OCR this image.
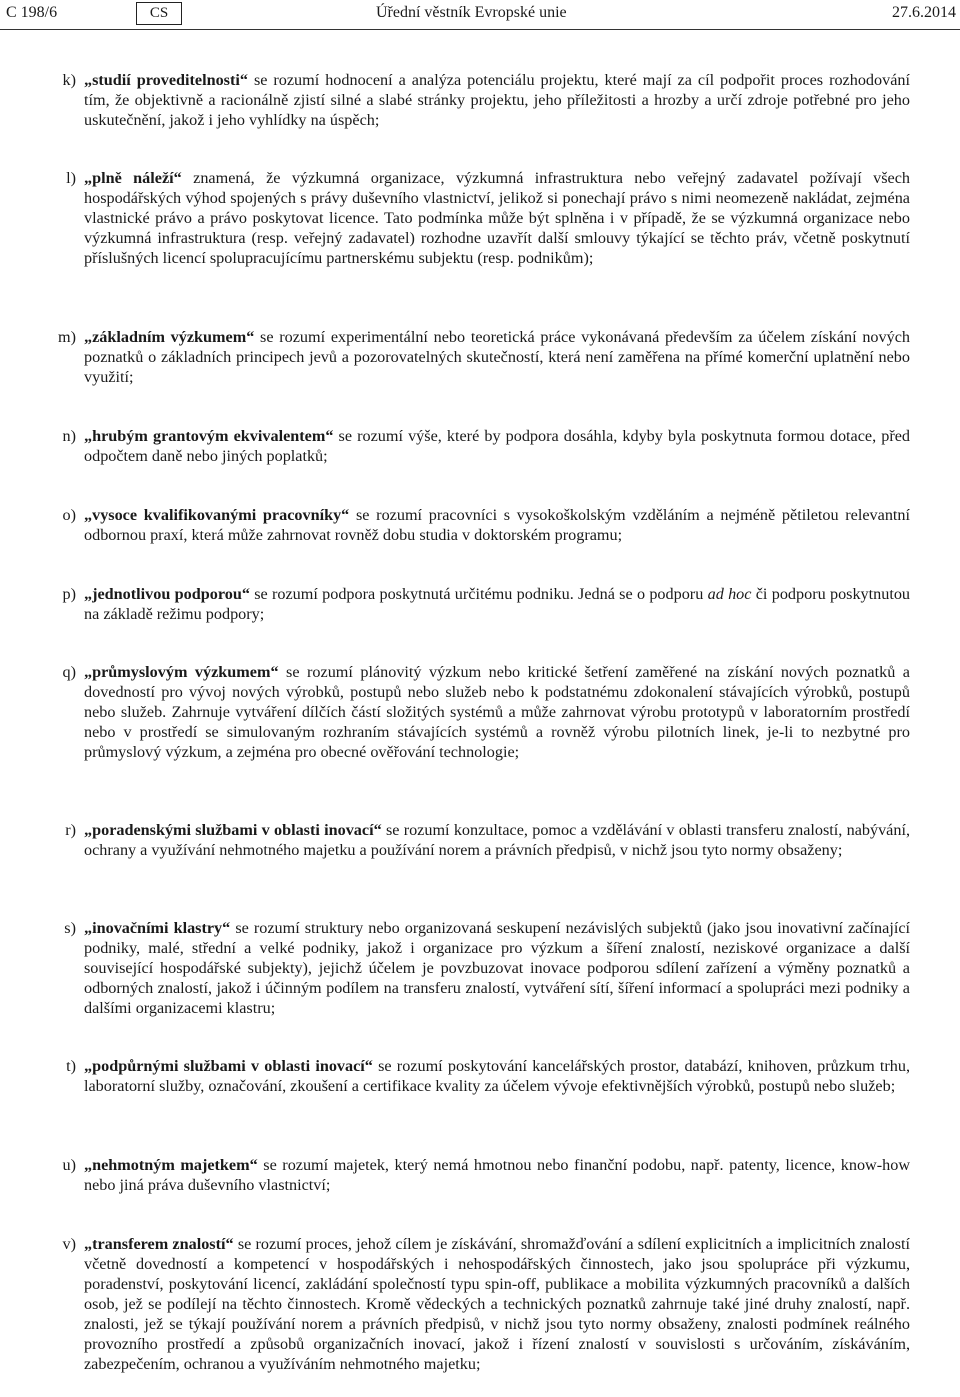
C 198/6	CS	Úřední věstník Evropské unie	27.6.2014
k) „studií proveditelnosti“ se rozumí hodnocení a analýza potenciálu projektu, které mají za cíl podpořit proces rozhodování tím, že objektivně a racionálně zjistí silné a slabé stránky projektu, jeho příležitosti a hrozby a určí zdroje potřebné pro jeho uskutečnění, jakož i jeho vyhlídky na úspěch;
l) „plně náleží“ znamená, že výzkumná organizace, výzkumná infrastruktura nebo veřejný zadavatel požívají všech hospodářských výhod spojených s právy duševního vlastnictví, jelikož si ponechají právo s nimi neomezeně nakládat, zejména vlastnické právo a právo poskytovat licence. Tato podmínka může být splněna i v případě, že se výzkumná organizace nebo výzkumná infrastruktura (resp. veřejný zadavatel) rozhodne uzavřít další smlouvy týkající se těchto práv, včetně poskytnutí příslušných licencí spolupracujícímu partnerskému subjektu (resp. podnikům);
m) „základním výzkumem“ se rozumí experimentální nebo teoretická práce vykonávaná především za účelem získání nových poznatků o základních principech jevů a pozorovatelných skutečností, která není zaměřena na přímé komerční uplatnění nebo využití;
n) „hrubým grantovým ekvivalentem“ se rozumí výše, které by podpora dosáhla, kdyby byla poskytnuta formou dotace, před odpočtem daně nebo jiných poplatků;
o) „vysoce kvalifikovanými pracovníky“ se rozumí pracovníci s vysokoškolským vzděláním a nejméně pětiletou relevantní odbornou praxí, která může zahrnovat rovněž dobu studia v doktorském programu;
p) „jednotlivou podporou“ se rozumí podpora poskytnutá určitému podniku. Jedná se o podporu ad hoc či podporu poskytnutou na základě režimu podpory;
q) „průmyslovým výzkumem“ se rozumí plánovitý výzkum nebo kritické šetření zaměřené na získání nových poznatků a dovedností pro vývoj nových výrobků, postupů nebo služeb nebo k podstatnému zdokonalení stávajících výrobků, postupů nebo služeb. Zahrnuje vytváření dílčích částí složitých systémů a může zahrnovat výrobu prototypů v laboratorním prostředí nebo v prostředí se simulovaným rozhraním stávajících systémů a rovněž výrobu pilotních linek, je-li to nezbytné pro průmyslový výzkum, a zejména pro obecné ověřování technologie;
r) „poradenskými službami v oblasti inovací“ se rozumí konzultace, pomoc a vzdělávání v oblasti transferu znalostí, nabývání, ochrany a využívání nehmotného majetku a používání norem a právních předpisů, v nichž jsou tyto normy obsaženy;
s) „inovačními klastry“ se rozumí struktury nebo organizovaná seskupení nezávislých subjektů (jako jsou inovativní začínající podniky, malé, střední a velké podniky, jakož i organizace pro výzkum a šíření znalostí, neziskové organizace a další související hospodářské subjekty), jejichž účelem je povzbuzovat inovace podporou sdílení zařízení a výměny poznatků a odborných znalostí, jakož i účinným podílem na transferu znalostí, vytváření sítí, šíření informací a spolupráci mezi podniky a dalšími organizacemi klastru;
t) „podpůrnými službami v oblasti inovací“ se rozumí poskytování kancelářských prostor, databází, knihoven, průzkum trhu, laboratorní služby, označování, zkoušení a certifikace kvality za účelem vývoje efektivnějších výrobků, postupů nebo služeb;
u) „nehmotným majetkem“ se rozumí majetek, který nemá hmotnou nebo finanční podobu, např. patenty, licence, know-how nebo jiná práva duševního vlastnictví;
v) „transferem znalostí“ se rozumí proces, jehož cílem je získávání, shromažďování a sdílení explicitních a implicitních znalostí včetně dovedností a kompetencí v hospodářských i nehospodářských činnostech, jako jsou spolupráce při výzkumu, poradenství, poskytování licencí, zakládání společností typu spin-off, publikace a mobilita výzkumných pracovníků a dalších osob, jež se podílejí na těchto činnostech. Kromě vědeckých a technických poznatků zahrnuje také jiné druhy znalostí, např. znalosti, jež se týkají používání norem a právních předpisů, v nichž jsou tyto normy obsaženy, znalosti podmínek reálného provozního prostředí a způsobů organizačních inovací, jakož i řízení znalostí v souvislosti s určováním, získáváním, zabezpečením, ochranou a využíváním nehmotného majetku;
